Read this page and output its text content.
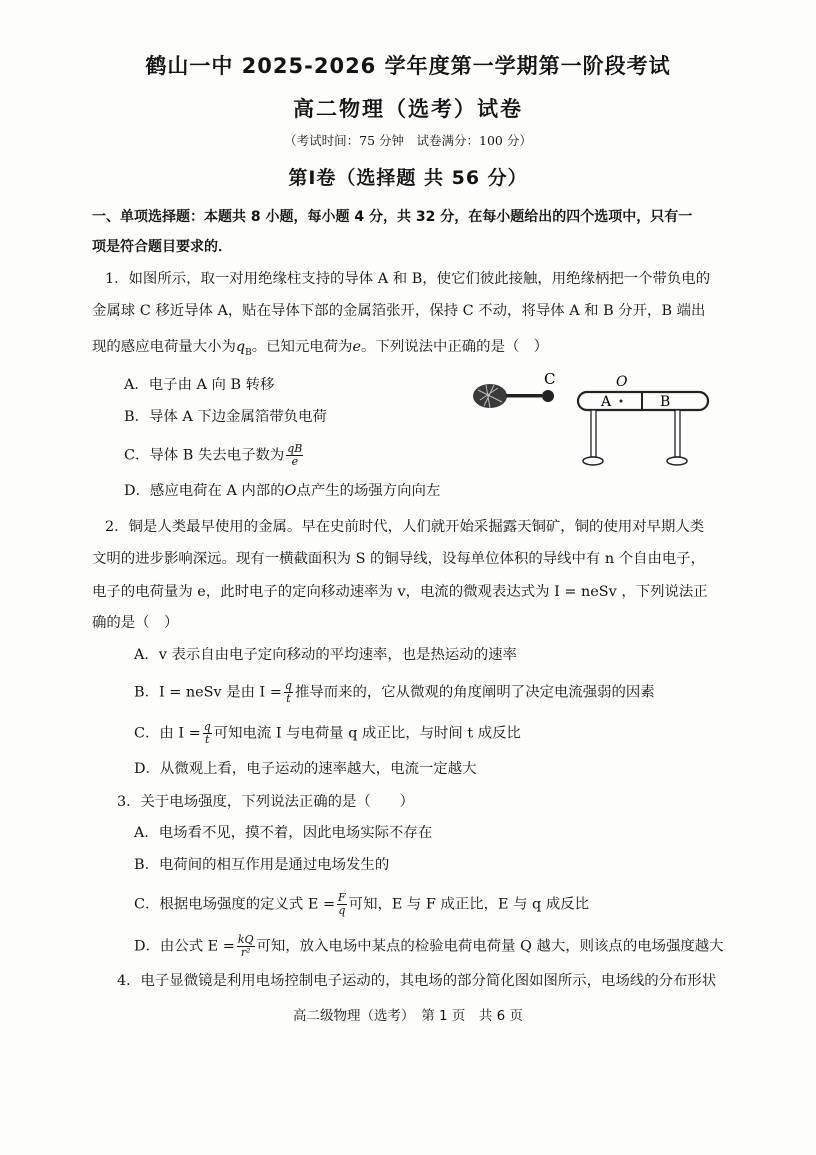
鹤山一中 2025-2026 学年度第一学期第一阶段考试
高二物理（选考）试卷
（考试时间：75 分钟　试卷满分：100 分）
第I卷（选择题 共 56 分）
一、单项选择题：本题共 8 小题，每小题 4 分，共 32 分，在每小题给出的四个选项中，只有一
项是符合题目要求的．
1．如图所示，取一对用绝缘柱支持的导体 A 和 B，使它们彼此接触，用绝缘柄把一个带负电的
金属球 C 移近导体 A，贴在导体下部的金属箔张开，保持 C 不动，将导体 A 和 B 分开，B 端出
现的感应电荷量大小为$q_B$。已知元电荷为e。下列说法中正确的是（　）
A．电子由 A 向 B 转移
B．导体 A 下边金属箔带负电荷
C．导体 B 失去电子数为 $\frac{qB}{e}$
D．感应电荷在 A 内部的O点产生的场强方向向左
C
A	B
O
2．铜是人类最早使用的金属。早在史前时代，人们就开始采掘露天铜矿，铜的使用对早期人类
文明的进步影响深远。现有一横截面积为 S 的铜导线，设每单位体积的导线中有 n 个自由电子，
电子的电荷量为 e，此时电子的定向移动速率为 v，电流的微观表达式为 I = neSv ，下列说法正
确的是（　）
A．v 表示自由电子定向移动的平均速率，也是热运动的速率
B．I = neSv 是由 $I = \frac{q}{t}$ 推导而来的，它从微观的角度阐明了决定电流强弱的因素
C．由 $I = \frac{q}{t}$ 可知电流 I 与电荷量 q 成正比，与时间 t 成反比
D．从微观上看，电子运动的速率越大，电流一定越大
3．关于电场强度，下列说法正确的是（　　）
A．电场看不见，摸不着，因此电场实际不存在
B．电荷间的相互作用是通过电场发生的
C．根据电场强度的定义式 $E = \frac{F}{q}$ 可知，E 与 F 成正比，E 与 q 成反比
D．由公式 $E = \frac{kQ}{\text{r²}}$ 可知，放入电场中某点的检验电荷电荷量 Q 越大，则该点的电场强度越大
4．电子显微镜是利用电场控制电子运动的，其电场的部分简化图如图所示，电场线的分布形状
高二级物理（选考）　第 1 页　共 6 页
